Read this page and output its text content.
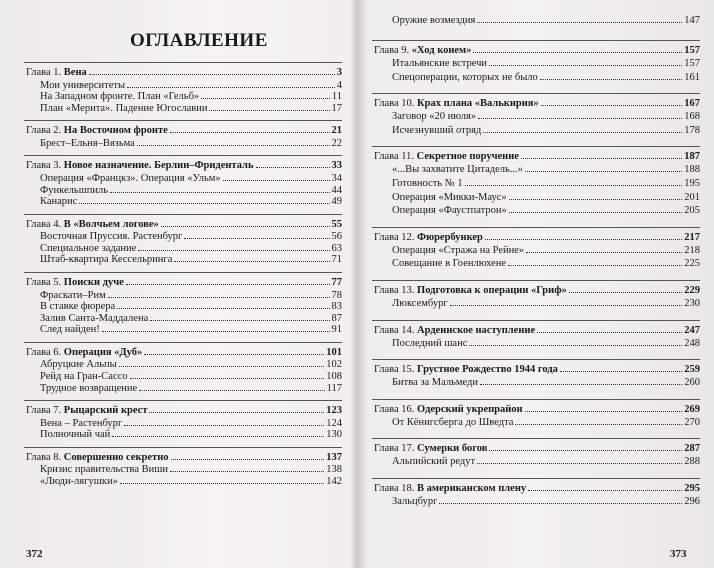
ОГЛАВЛЕНИЕ
372
Глава 1. Вена	3
Мои университеты	4
На Западном фронте. План «Гельб»	11
План «Мерита». Падение Югославии	17
Глава 2. На Восточном фронте	21
Брест–Ельня–Вязьма	22
Глава 3. Новое назначение. Берлин–Фриденталь	33
Операция «Францкз». Операция «Ульм»	34
Функельшпиль	44
Канарис	49
Глава 4. В «Волчьем логове»	55
Восточная Пруссия. Растенбург	56
Специальное задание	63
Штаб-квартира Кессельринга	71
Глава 5. Поиски дуче	77
Фраскати–Рим	78
В ставке фюрера	83
Залив Санта-Маддалена	87
След найден!	91
Глава 6. Операция «Дуб»	101
Абруцкие Альпы	102
Рейд на Гран-Сассо	108
Трудное возвращение	117
Глава 7. Рыцарский крест	123
Вена – Растенбург	124
Полночный чай	130
Глава 8. Совершенно секретно	137
Кризис правительства Виши	138
«Люди-лягушки»	142
Оружие возмездия	147
373
Глава 9. «Ход конем»	157
Итальянские встречи	157
Спецоперации, которых не было	161
Глава 10. Крах плана «Валькирия»	167
Заговор «20 июля»	168
Исчезнувший отряд	178
Глава 11. Секретное поручение	187
«...Вы захватите Цитадель...»	188
Готовность № 1	195
Операция «Микки-Маус»	201
Операция «Фаустпатрон»	205
Глава 12. Фюрербункер	217
Операция «Стража на Рейне»	218
Совещание в Гоенлюхене	225
Глава 13. Подготовка к операции «Гриф»	229
Люксембург	230
Глава 14. Арденнское наступление	247
Последний шанс	248
Глава 15. Грустное Рождество 1944 года	259
Битва за Мальмеди	260
Глава 16. Одерский укрепрайон	269
От Кёнигсберга до Шведта	270
Глава 17. Сумерки богов	287
Альпийский редут	288
Глава 18. В американском плену	295
Зальцбург	296
